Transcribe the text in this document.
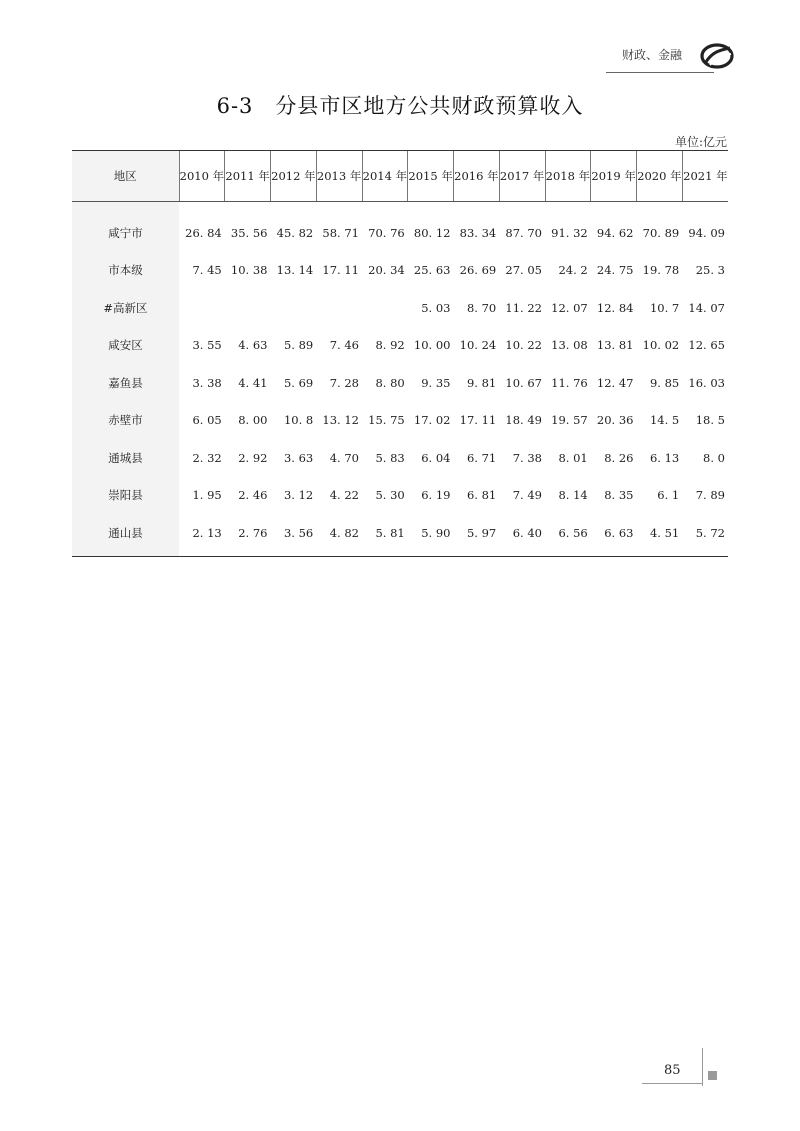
财政、金融
6-3　分县市区地方公共财政预算收入
单位:亿元
地区	2010 年	2011 年	2012 年	2013 年	2014 年	2015 年	2016 年	2017 年	2018 年	2019 年	2020 年	2021 年
咸宁市	26. 84	35. 56	45. 82	58. 71	70. 76	80. 12	83. 34	87. 70	91. 32	94. 62	70. 89	94. 09
市本级	7. 45	10. 38	13. 14	17. 11	20. 34	25. 63	26. 69	27. 05	24. 2	24. 75	19. 78	25. 3
#高新区						5. 03	8. 70	11. 22	12. 07	12. 84	10. 7	14. 07
咸安区	3. 55	4. 63	5. 89	7. 46	8. 92	10. 00	10. 24	10. 22	13. 08	13. 81	10. 02	12. 65
嘉鱼县	3. 38	4. 41	5. 69	7. 28	8. 80	9. 35	9. 81	10. 67	11. 76	12. 47	9. 85	16. 03
赤壁市	6. 05	8. 00	10. 8	13. 12	15. 75	17. 02	17. 11	18. 49	19. 57	20. 36	14. 5	18. 5
通城县	2. 32	2. 92	3. 63	4. 70	5. 83	6. 04	6. 71	7. 38	8. 01	8. 26	6. 13	8. 0
崇阳县	1. 95	2. 46	3. 12	4. 22	5. 30	6. 19	6. 81	7. 49	8. 14	8. 35	6. 1	7. 89
通山县	2. 13	2. 76	3. 56	4. 82	5. 81	5. 90	5. 97	6. 40	6. 56	6. 63	4. 51	5. 72
85
